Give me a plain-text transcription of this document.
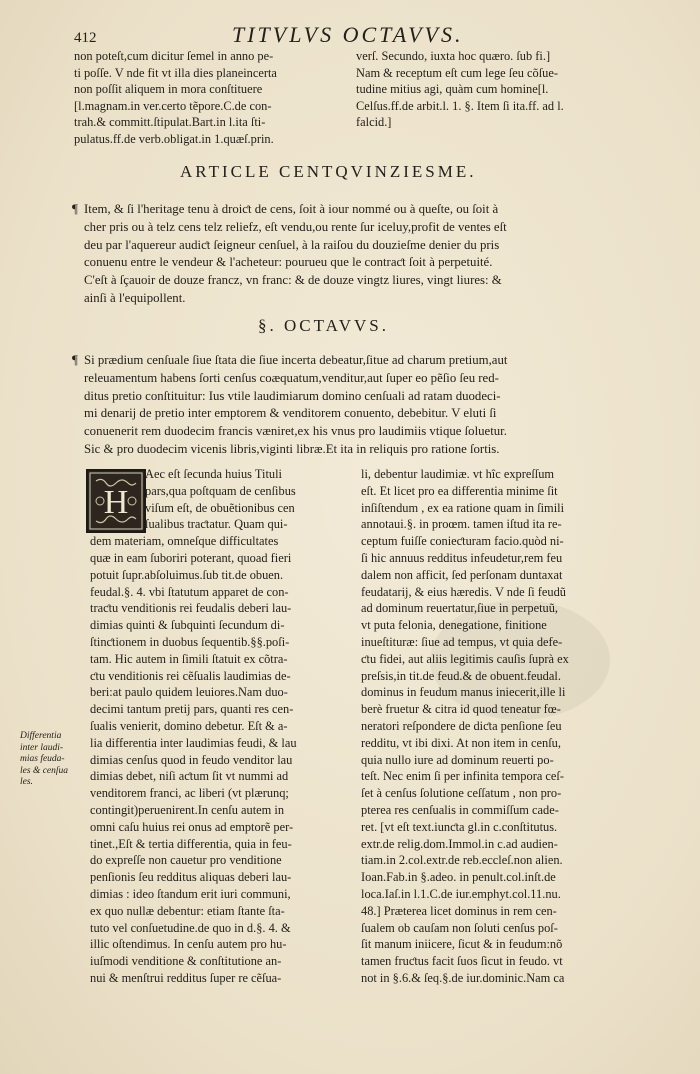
412	TITVLVS OCTAVVS.
non poteſt,cum dicitur ſemel in anno pe-
ti poſſe. V nde fit vt illa dies planeincerta
non poſſit aliquem in mora conſtituere
[l.magnam.in ver.certo tẽpore.C.de con-
trah.& committ.ſtipulat.Bart.in l.ita ſti-
pulatus.ff.de verb.obligat.in 1.quæſ.prin.
verſ. Secundo, iuxta hoc quæro. ſub fi.]
Nam & receptum eſt cum lege ſeu cõſue-
tudine mitius agi, quàm cum homine[l.
Celſus.ff.de arbit.l. 1. §. Item ſi ita.ff. ad l.
falcid.]
ARTICLE CENTQVINZIESME.
¶ Item, & ſi l'heritage tenu à droiƈt de cens, ſoit à iour nommé ou à queſte, ou ſoit à
cher pris ou à telz cens telz reliefz, eſt vendu,ou rente ſur iceluy,profit de ventes eſt
deu par l'aquereur audiƈt ſeigneur cenſuel, à la raiſou du douzieſme denier du pris
conuenu entre le vendeur & l'acheteur: pourueu que le contraƈt ſoit à perpetuité.
C'eſt à ſçauoir de douze francz, vn franc: & de douze vingtz liures, vingt liures: &
ainſi à l'equipollent.
§. OCTAVVS.
¶ Si prædium cenſuale ſiue ſtata die ſiue incerta debeatur,ſitue ad charum pretium,aut
releuamentum habens ſorti cenſus coæquatum,venditur,aut ſuper eo pẽſio ſeu red-
ditus pretio conſtituitur: Ius vtile laudimiarum domino cenſuali ad ratam duodeci-
mi denarij de pretio inter emptorem & venditorem conuento, debebitur. V eluti ſi
conuenerit rem duodecim francis væniret,ex his vnus pro laudimiis vtique ſoluetur.
Sic & pro duodecim vicenis libris,viginti libræ.Et ita in reliquis pro ratione ſortis.
H
Aec eſt ſecunda huius Tituli
pars,qua poſtquam de cenſibus
viſum eſt, de obuẽtionibus cen
ſualibus traƈtatur. Quam qui-
dem materiam, omneſque difficultates
quæ in eam ſuboriri poterant, quoad fieri
potuit ſupr.abſoluimus.ſub tit.de obuen.
feudal.§. 4. vbi ſtatutum apparet de con-
traƈtu venditionis rei feudalis deberi lau-
dimias quinti & ſubquinti ſecundum di-
ſtinƈtionem in duobus ſequentib.§§.poſi-
tam. Hic autem in ſimili ſtatuit ex cõtra-
ƈtu venditionis rei cẽſualis laudimias de-
beri:at paulo quidem leuiores.Nam duo-
decimi tantum pretij pars, quanti res cen-
ſualis venierit, domino debetur. Eſt & a-
lia differentia inter laudimias feudi, & lau
dimias cenſus quod in feudo venditor lau
dimias debet, niſi aƈtum ſit vt nummi ad
venditorem franci, ac liberi (vt plærunq;
contingit)peruenirent.In cenſu autem in
omni caſu huius rei onus ad emptorẽ per-
tinet.,Eſt & tertia differentia, quia in feu-
do expreſſe non cauetur pro venditione
penſionis ſeu redditus aliquas deberi lau-
dimias : ideo ſtandum erit iuri communi,
ex quo nullæ debentur: etiam ſtante ſta-
tuto vel conſuetudine.de quo in d.§. 4. &
illic oſtendimus. In cenſu autem pro hu-
iuſmodi venditione & conſtitutione an-
nui & menſtrui redditus ſuper re cẽſua-
Differentia
inter laudi-
mias feuda-
les & cenſua
les.
li, debentur laudimiæ. vt hîc expreſſum
eſt. Et licet pro ea differentia minime ſit
inſiſtendum , ex ea ratione quam in ſimili
annotaui.§. in proœm. tamen iſtud ita re-
ceptum fuiſſe conieƈturam facio.quòd ni-
ſi hic annuus redditus infeudetur,rem feu
dalem non afficit, ſed perſonam duntaxat
feudatarij, & eius hæredis. V nde ſi feudũ
ad dominum reuertatur,ſiue in perpetuũ,
vt puta felonia, denegatione, finitione
inueſtituræ: ſiue ad tempus, vt quia defe-
ƈtu fidei, aut aliis legitimis cauſis ſuprà ex
preſsis,in tit.de feud.& de obuent.feudal.
dominus in feudum manus iniecerit,ille li
berè fruetur & citra id quod teneatur fœ-
neratori reſpondere de diƈta penſione ſeu
redditu, vt ibi dixi. At non item in cenſu,
quia nullo iure ad dominum reuerti po-
teſt. Nec enim ſi per infinita tempora ceſ-
ſet à cenſus ſolutione ceſſatum , non pro-
pterea res cenſualis in commiſſum cade-
ret. [vt eſt text.iunƈta gl.in c.conſtitutus.
extr.de relig.dom.Immol.in c.ad audien-
tiam.in 2.col.extr.de reb.eccleſ.non alien.
Ioan.Fab.in §.adeo. in penult.col.inſt.de
loca.Iaſ.in l.1.C.de iur.emphyt.col.11.nu.
48.] Præterea licet dominus in rem cen-
ſualem ob cauſam non ſoluti cenſus poſ-
ſit manum iniicere, ſicut & in feudum:nõ
tamen fruƈtus facit ſuos ſicut in feudo. vt
not in §.6.& ſeq.§.de iur.dominic.Nam ca
